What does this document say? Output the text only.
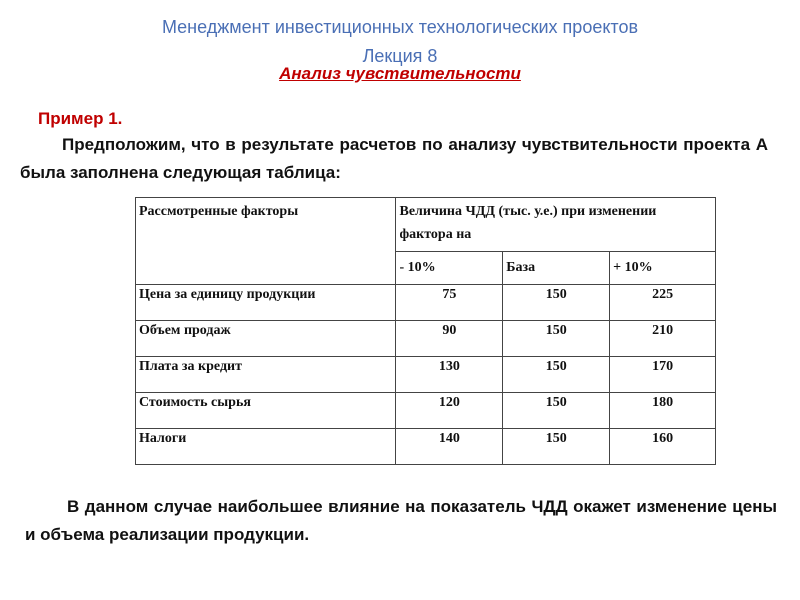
Менеджмент инвестиционных технологических проектов
Лекция 8
Анализ чувствительности
Пример 1.
Предположим, что в результате расчетов по анализу чувствительности проекта А была заполнена следующая таблица:
Рассмотренные факторы	Величина ЧДД (тыс. у.е.) при изменении фактора на		
	- 10%	База	+ 10%
Цена за единицу продукции	75	150	225
Объем продаж	90	150	210
Плата за кредит	130	150	170
Стоимость сырья	120	150	180
Налоги	140	150	160
В данном случае наибольшее влияние на показатель ЧДД окажет изменение цены и объема реализации продукции.
